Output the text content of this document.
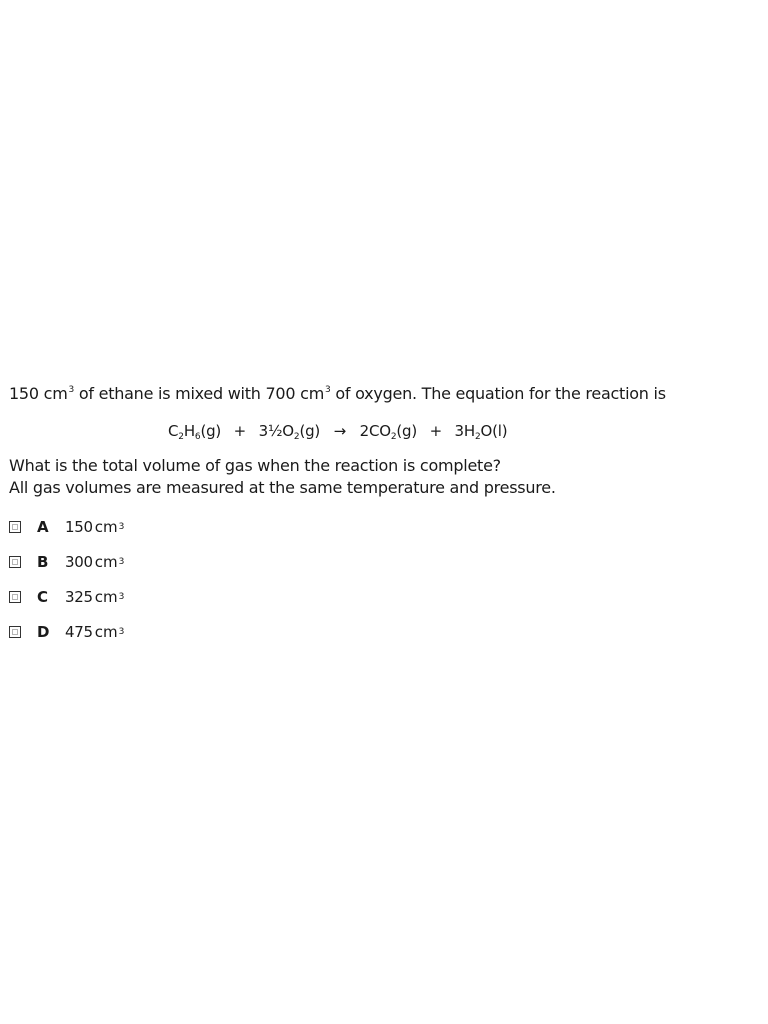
150 $cm^3$ of ethane is mixed with 700 $cm^3$ of oxygen. The equation for the reaction is
$C_2H_6(g)$ + $3\frac{1}{2}O_2(g) \to 2CO_2(g) + 3H_2O(l)$
What is the total volume of gas when the reaction is complete?
All gas volumes are measured at the same temperature and pressure.
A	150 cm 3
B	300 cm 3
C	325 cm 3
D	475 cm 3
